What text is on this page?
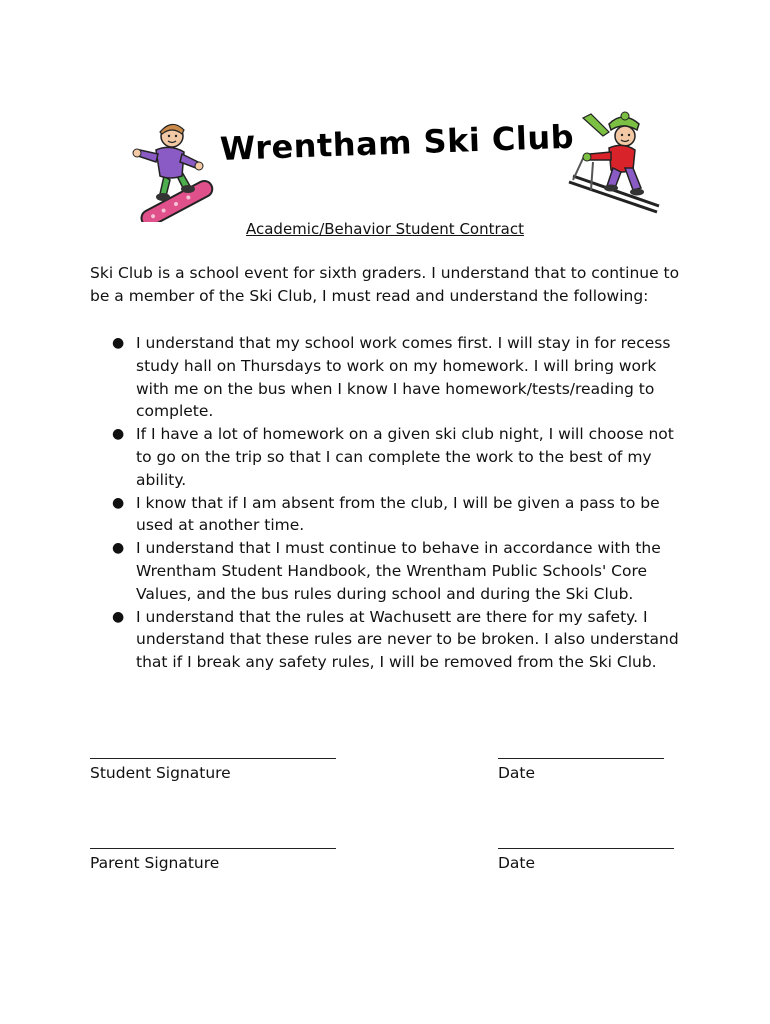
Wrentham Ski Club
Academic/Behavior Student Contract
Ski Club is a school event for sixth graders. I understand that to continue to be a member of the Ski Club, I must read and understand the following:
● I understand that my school work comes first. I will stay in for recess study hall on Thursdays to work on my homework. I will bring work with me on the bus when I know I have homework/tests/reading to complete.
● If I have a lot of homework on a given ski club night, I will choose not to go on the trip so that I can complete the work to the best of my ability.
● I know that if I am absent from the club, I will be given a pass to be used at another time.
● I understand that I must continue to behave in accordance with the Wrentham Student Handbook, the Wrentham Public Schools' Core Values, and the bus rules during school and during the Ski Club.
● I understand that the rules at Wachusett are there for my safety. I understand that these rules are never to be broken. I also understand that if I break any safety rules, I will be removed from the Ski Club.
Student Signature	Date
Parent Signature	Date
